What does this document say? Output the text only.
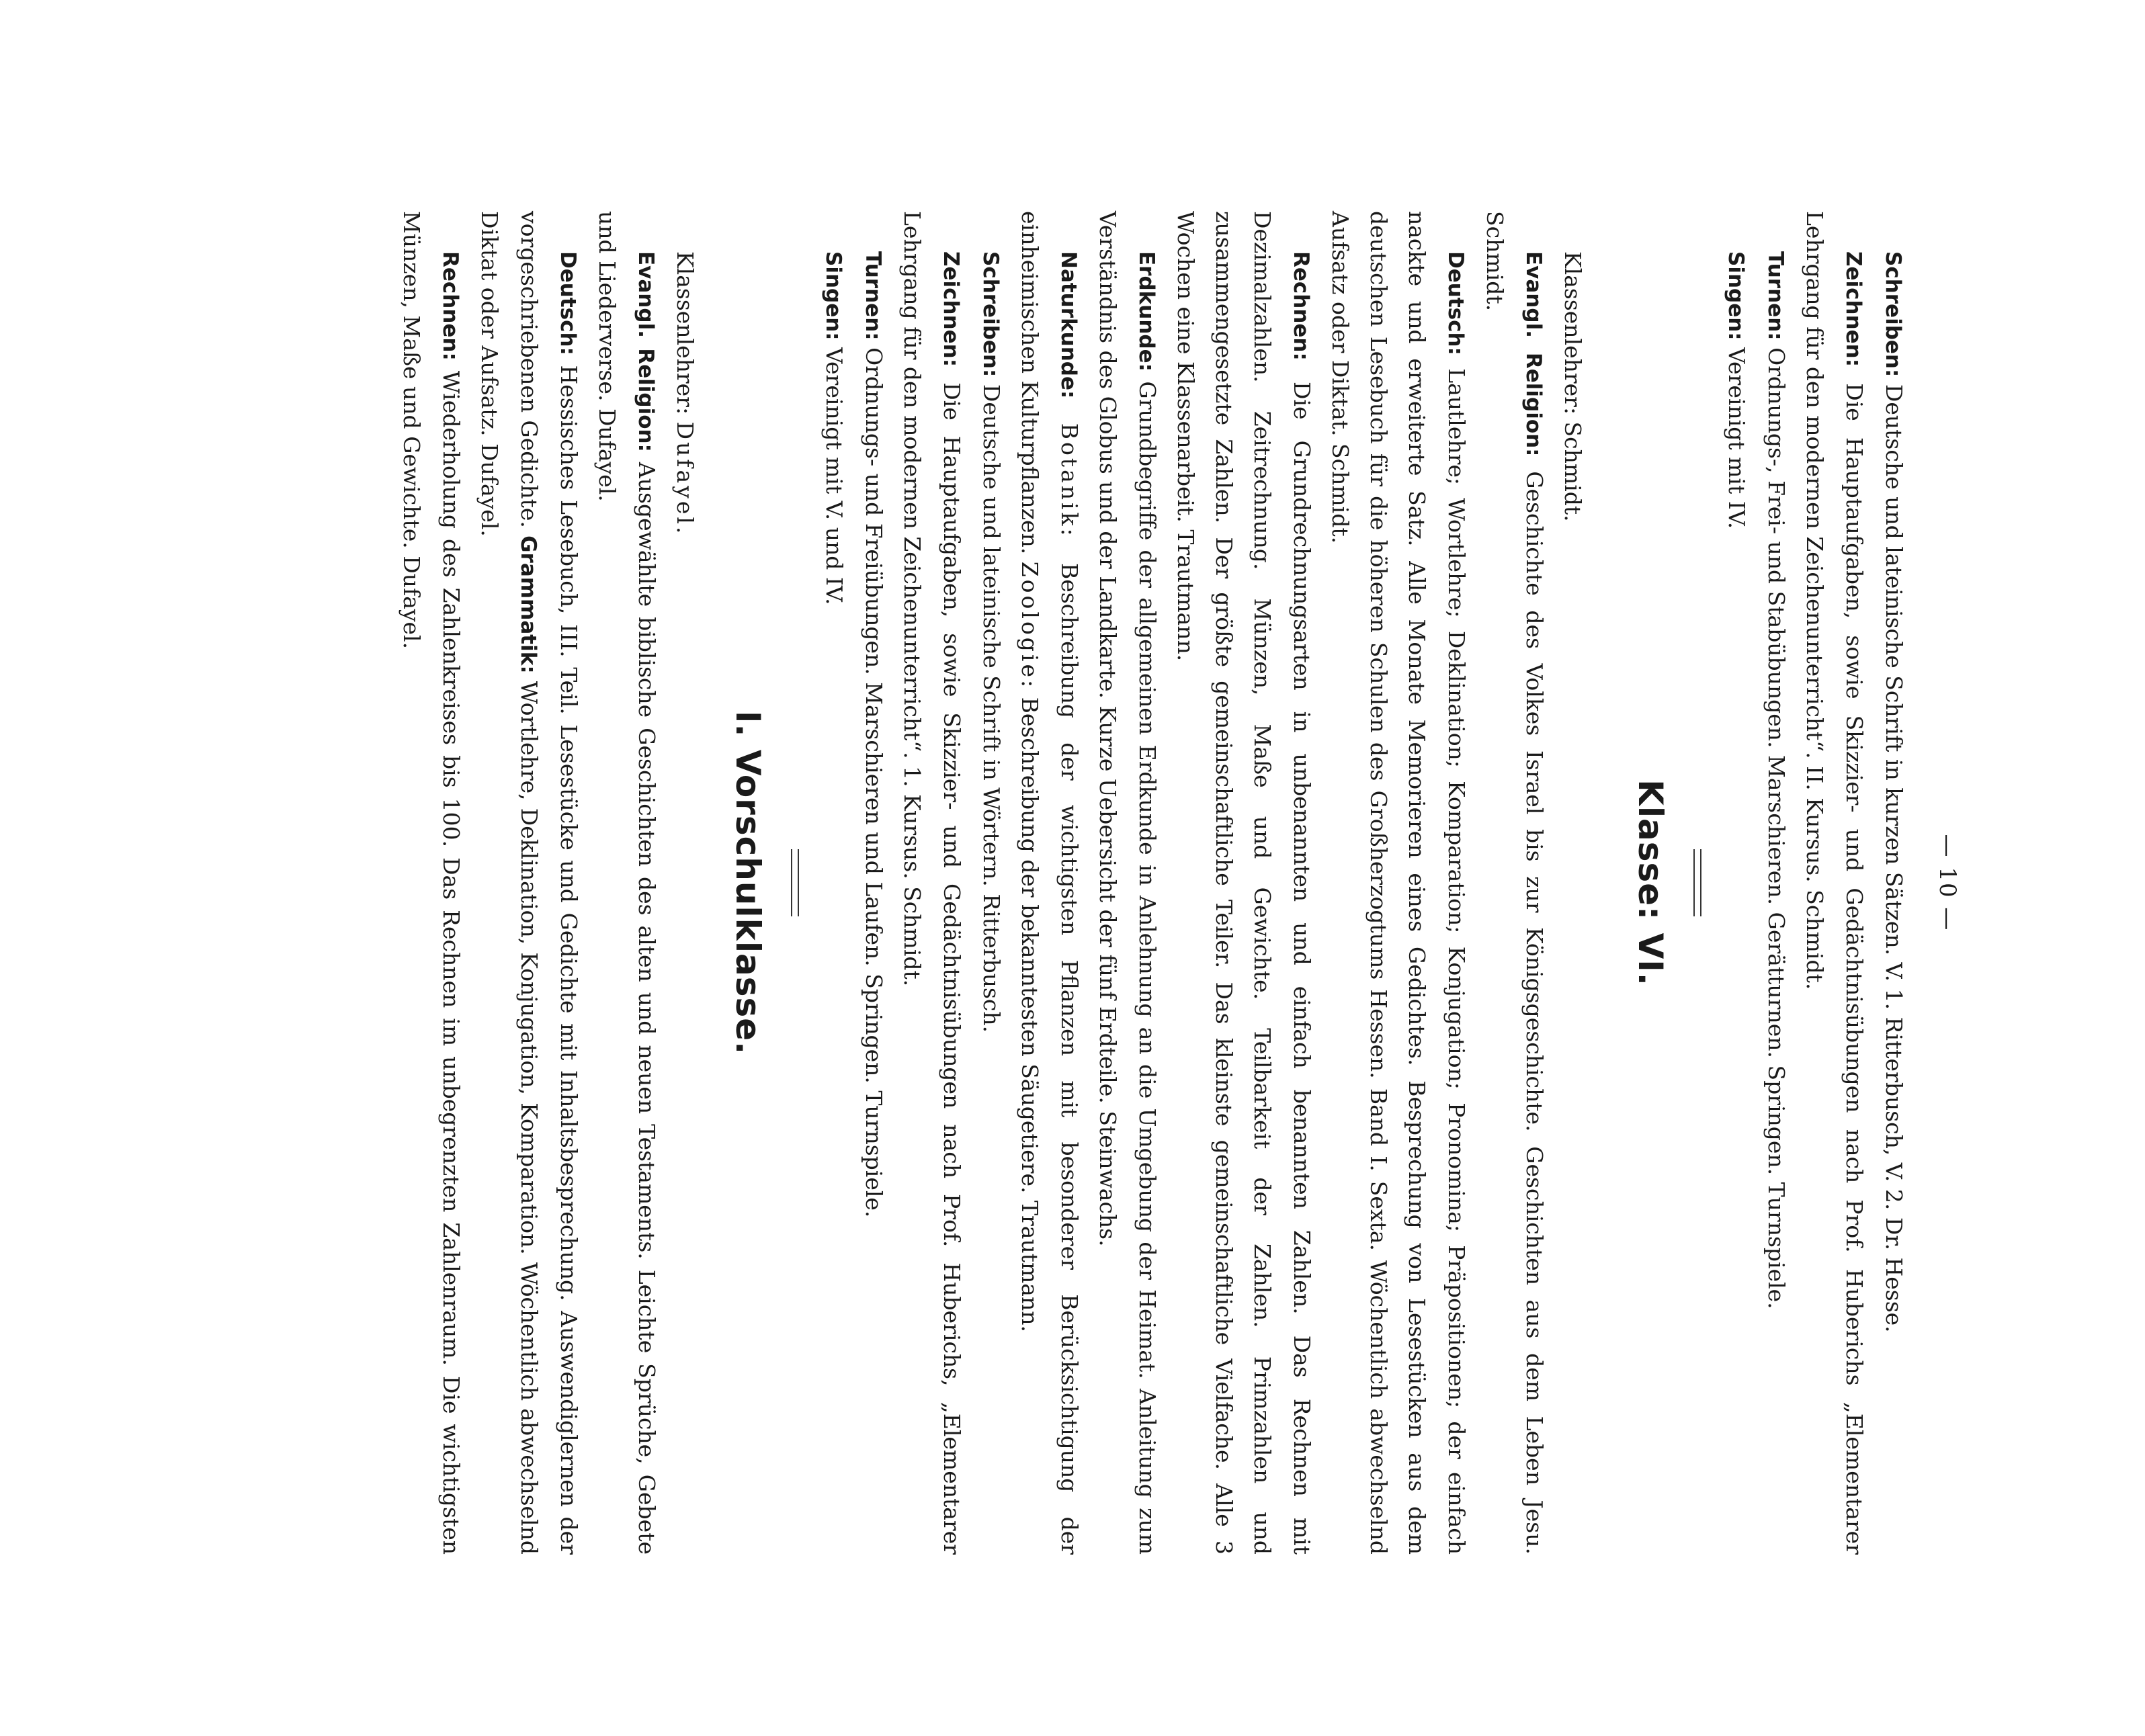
— 10 —

Schreiben: Deutsche und lateinische Schrift in kurzen Sätzen. V. 1. Ritterbusch, V. 2. Dr. Hesse.

Zeichnen: Die Hauptaufgaben, sowie Skizzier- und Gedächtnisübungen nach Prof. Huberichs „Elementarer Lehrgang für den modernen Zeichenunterricht“. II. Kursus. Schmidt.

Turnen: Ordnungs-, Frei- und Stabübungen. Marschieren. Gerätturnen. Springen. Turnspiele.

Singen: Vereinigt mit IV.

Klasse: VI.

Klassenlehrer: Schmidt.

Evangl. Religion: Geschichte des Volkes Israel bis zur Königsgeschichte. Geschichten aus dem Leben Jesu. Schmidt.

Deutsch: Lautlehre; Wortlehre; Deklination; Komparation; Konjugation; Pronomina; Präpositionen; der einfach nackte und erweiterte Satz. Alle Monate Memorieren eines Gedichtes. Besprechung von Lesestücken aus dem deutschen Lesebuch für die höheren Schulen des Großherzogtums Hessen. Band I. Sexta. Wöchentlich abwechselnd Aufsatz oder Diktat. Schmidt.

Rechnen: Die Grundrechnungsarten in unbenannten und einfach benannten Zahlen. Das Rechnen mit Dezimalzahlen. Zeitrechnung. Münzen, Maße und Gewichte. Teilbarkeit der Zahlen. Primzahlen und zusammengesetzte Zahlen. Der größte gemeinschaftliche Teiler. Das kleinste gemeinschaftliche Vielfache. Alle 3 Wochen eine Klassenarbeit. Trautmann.

Erdkunde: Grundbegriffe der allgemeinen Erdkunde in Anlehnung an die Umgebung der Heimat. Anleitung zum Verständnis des Globus und der Landkarte. Kurze Uebersicht der fünf Erdteile. Steinwachs.

Naturkunde: Botanik: Beschreibung der wichtigsten Pflanzen mit besonderer Berücksichtigung der einheimischen Kulturpflanzen. Zoologie: Beschreibung der bekanntesten Säugetiere. Trautmann.

Schreiben: Deutsche und lateinische Schrift in Wörtern. Ritterbusch.

Zeichnen: Die Hauptaufgaben, sowie Skizzier- und Gedächtnisübungen nach Prof. Huberichs, „Elementarer Lehrgang für den modernen Zeichenunterricht“. 1. Kursus. Schmidt.

Turnen: Ordnungs- und Freiübungen. Marschieren und Laufen. Springen. Turnspiele.

Singen: Vereinigt mit V. und IV.

I. Vorschulklasse.

Klassenlehrer: Dufayel.

Evangl. Religion: Ausgewählte biblische Geschichten des alten und neuen Testaments. Leichte Sprüche, Gebete und Liederverse. Dufayel.

Deutsch: Hessisches Lesebuch, III. Teil. Lesestücke und Gedichte mit Inhaltsbesprechung. Auswendiglernen der vorgeschriebenen Gedichte. Grammatik: Wortlehre, Deklination, Konjugation, Komparation. Wöchentlich abwechselnd Diktat oder Aufsatz. Dufayel.

Rechnen: Wiederholung des Zahlenkreises bis 100. Das Rechnen im unbegrenzten Zahlenraum. Die wichtigsten Münzen, Maße und Gewichte. Dufayel.
